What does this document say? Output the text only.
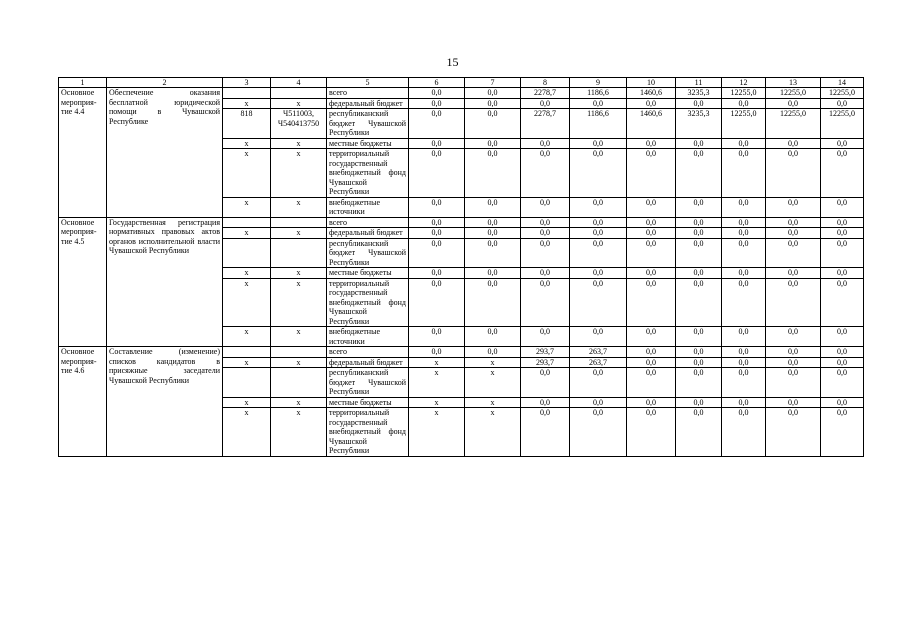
15
1	2	3	4	5	6	7	8	9	10	11	12	13	14
Основное мероприя-тие 4.4	Обеспечение оказания бесплатной юридической помощи в Чувашской Республике			всего	0,0	0,0	2278,7	1186,6	1460,6	3235,3	12255,0	12255,0	12255,0
		x	x	федеральный бюджет	0,0	0,0	0,0	0,0	0,0	0,0	0,0	0,0	0,0
		818	Ч511003, Ч540413750	республиканский бюджет Чувашской Республики	0,0	0,0	2278,7	1186,6	1460,6	3235,3	12255,0	12255,0	12255,0
		x	x	местные бюджеты	0,0	0,0	0,0	0,0	0,0	0,0	0,0	0,0	0,0
		x	x	территориальный государственный внебюджетный фонд Чувашской Республики	0,0	0,0	0,0	0,0	0,0	0,0	0,0	0,0	0,0
		x	x	внебюджетные источники	0,0	0,0	0,0	0,0	0,0	0,0	0,0	0,0	0,0
Основное мероприя-тие 4.5	Государственная регистрация нормативных правовых актов органов исполнительной власти Чувашской Республики			всего	0,0	0,0	0,0	0,0	0,0	0,0	0,0	0,0	0,0
		x	x	федеральный бюджет	0,0	0,0	0,0	0,0	0,0	0,0	0,0	0,0	0,0
				республиканский бюджет Чувашской Республики	0,0	0,0	0,0	0,0	0,0	0,0	0,0	0,0	0,0
		x	x	местные бюджеты	0,0	0,0	0,0	0,0	0,0	0,0	0,0	0,0	0,0
		x	x	территориальный государственный внебюджетный фонд Чувашской Республики	0,0	0,0	0,0	0,0	0,0	0,0	0,0	0,0	0,0
		x	x	внебюджетные источники	0,0	0,0	0,0	0,0	0,0	0,0	0,0	0,0	0,0
Основное мероприя-тие 4.6	Составление (изменение) списков кандидатов в присяжные заседатели Чувашской Республики			всего	0,0	0,0	293,7	263,7	0,0	0,0	0,0	0,0	0,0
		x	x	федеральный бюджет	x	x	293,7	263,7	0,0	0,0	0,0	0,0	0,0
				республиканский бюджет Чувашской Республики	x	x	0,0	0,0	0,0	0,0	0,0	0,0	0,0
		x	x	местные бюджеты	x	x	0,0	0,0	0,0	0,0	0,0	0,0	0,0
		x	x	территориальный государственный внебюджетный фонд Чувашской Республики	x	x	0,0	0,0	0,0	0,0	0,0	0,0	0,0
